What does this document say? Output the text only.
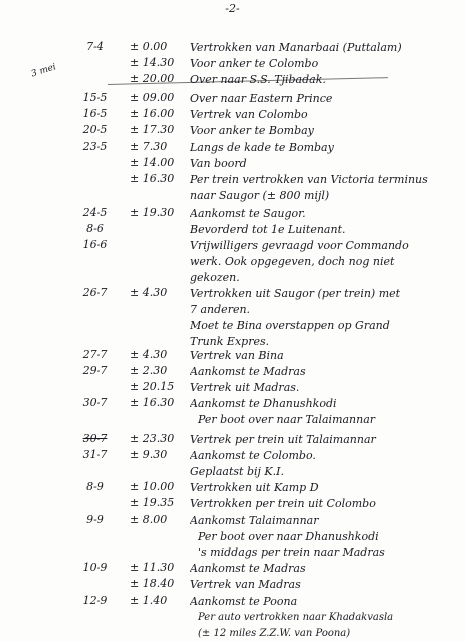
-2-
3 mei
7-4	± 0.00	Vertrokken van Manarbaai (Puttalam)
± 14.30	Voor anker te Colombo
± 20.00	Over naar S.S. Tjibadak.
15-5	± 09.00	Over naar Eastern Prince
16-5	± 16.00	Vertrek van Colombo
20-5	± 17.30	Voor anker te Bombay
23-5	± 7.30	Langs de kade te Bombay
± 14.00	Van boord
± 16.30	Per trein vertrokken van Victoria terminus
naar Saugor (± 800 mijl)
24-5	± 19.30	Aankomst te Saugor.
8-6	Bevorderd tot 1e Luitenant.
16-6	Vrijwilligers gevraagd voor Commando
werk. Ook opgegeven, doch nog niet
gekozen.
26-7	± 4.30	Vertrokken uit Saugor (per trein) met
7 anderen.
Moet te Bina overstappen op Grand
Trunk Expres.
27-7	± 4.30	Vertrek van Bina
29-7	± 2.30	Aankomst te Madras
± 20.15	Vertrek uit Madras.
30-7	± 16.30	Aankomst te Dhanushkodi
Per boot over naar Talaimannar
30-7	± 23.30	Vertrek per trein uit Talaimannar
31-7	± 9.30	Aankomst te Colombo.
Geplaatst bij K.I.
8-9	± 10.00	Vertrokken uit Kamp D
± 19.35	Vertrokken per trein uit Colombo
9-9	± 8.00	Aankomst Talaimannar
Per boot over naar Dhanushkodi
's middags per trein naar Madras
10-9	± 11.30	Aankomst te Madras
± 18.40	Vertrek van Madras
12-9	± 1.40	Aankomst te Poona
Per auto vertrokken naar Khadakvasla
(± 12 miles Z.Z.W. van Poona)
